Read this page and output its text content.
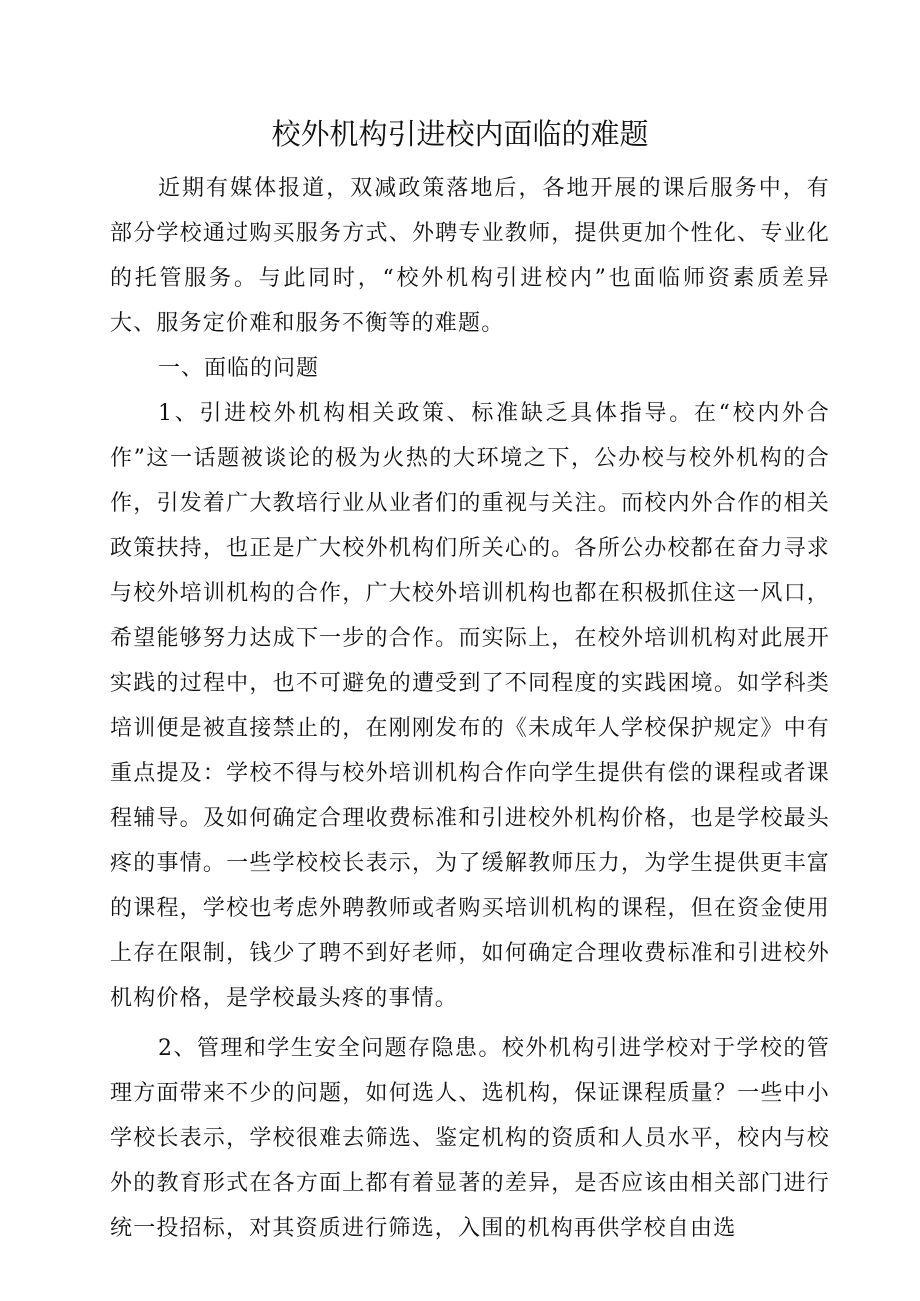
校外机构引进校内面临的难题

近期有媒体报道，双减政策落地后，各地开展的课后服务中，有部分学校通过购买服务方式、外聘专业教师，提供更加个性化、专业化的托管服务。与此同时，“校外机构引进校内”也面临师资素质差异大、服务定价难和服务不衡等的难题。

一、面临的问题

1、引进校外机构相关政策、标准缺乏具体指导。在“校内外合作”这一话题被谈论的极为火热的大环境之下，公办校与校外机构的合作，引发着广大教培行业从业者们的重视与关注。而校内外合作的相关政策扶持，也正是广大校外机构们所关心的。各所公办校都在奋力寻求与校外培训机构的合作，广大校外培训机构也都在积极抓住这一风口，希望能够努力达成下一步的合作。而实际上，在校外培训机构对此展开实践的过程中，也不可避免的遭受到了不同程度的实践困境。如学科类培训便是被直接禁止的，在刚刚发布的《未成年人学校保护规定》中有重点提及：学校不得与校外培训机构合作向学生提供有偿的课程或者课程辅导。及如何确定合理收费标准和引进校外机构价格，也是学校最头疼的事情。一些学校校长表示，为了缓解教师压力，为学生提供更丰富的课程，学校也考虑外聘教师或者购买培训机构的课程，但在资金使用上存在限制，钱少了聘不到好老师，如何确定合理收费标准和引进校外机构价格，是学校最头疼的事情。

2、管理和学生安全问题存隐患。校外机构引进学校对于学校的管理方面带来不少的问题，如何选人、选机构，保证课程质量？一些中小学校长表示，学校很难去筛选、鉴定机构的资质和人员水平，校内与校外的教育形式在各方面上都有着显著的差异，是否应该由相关部门进行统一投招标，对其资质进行筛选，入围的机构再供学校自由选
